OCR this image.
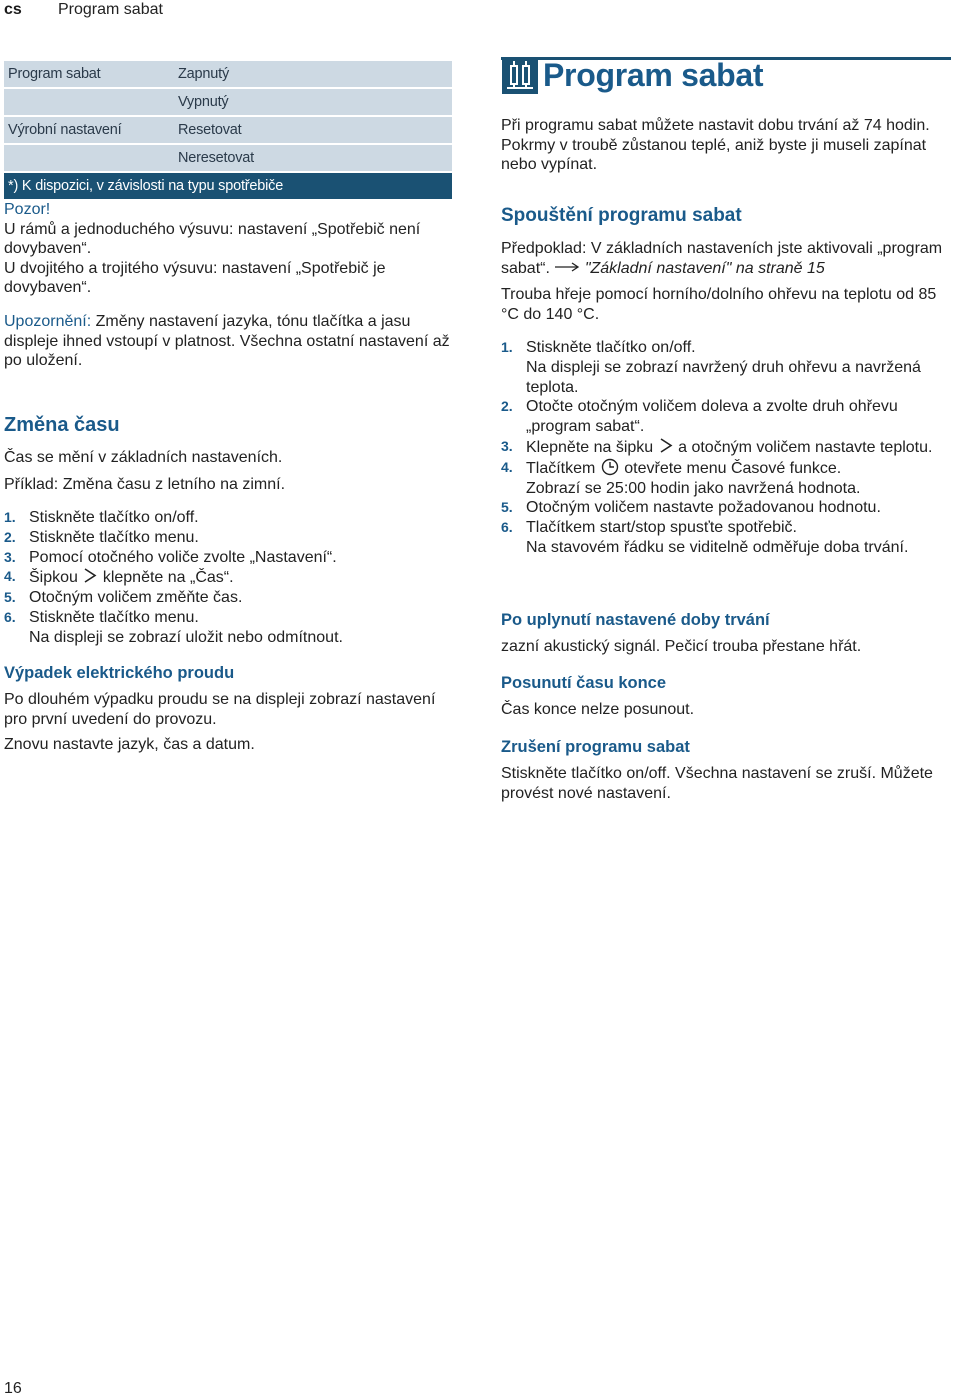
cs Program sabat
Program sabat	Zapnutý
Vypnutý
Výrobní nastavení	Resetovat
Neresetovat
*) K dispozici, v závislosti na typu spotřebiče

Pozor!

U rámů a jednoduchého výsuvu: nastavení „Spotřebič není dovybaven“.

U dvojitého a trojitého výsuvu: nastavení „Spotřebič je dovybaven“.

Upozornění: Změny nastavení jazyka, tónu tlačítka a jasu displeje ihned vstoupí v platnost. Všechna ostatní nastavení až po uložení.

Změna času
Čas se mění v základních nastaveních.
Příklad: Změna času z letního na zimní.
1. Stiskněte tlačítko on/off.
2. Stiskněte tlačítko menu.
3. Pomocí otočného voliče zvolte „Nastavení“.
4. Šipkou  klepněte na „Čas“.
5. Otočným voličem změňte čas.
6. Stiskněte tlačítko menu.
Na displeji se zobrazí uložit nebo odmítnout.
Výpadek elektrického proudu
Po dlouhém výpadku proudu se na displeji zobrazí nastavení pro první uvedení do provozu.
Znovu nastavte jazyk, čas a datum.
Program sabat
Při programu sabat můžete nastavit dobu trvání až 74 hodin. Pokrmy v troubě zůstanou teplé, aniž byste ji museli zapínat nebo vypínat.
Spouštění programu sabat
Předpoklad: V základních nastaveních jste aktivovali „program sabat“. "Základní nastavení" na straně 15
Trouba hřeje pomocí horního/dolního ohřevu na teplotu od 85 °C do 140 °C.
1. Stiskněte tlačítko on/off.
Na displeji se zobrazí navržený druh ohřevu a navržená teplota.
2. Otočte otočným voličem doleva a zvolte druh ohřevu „program sabat“.
3. Klepněte na šipku  a otočným voličem nastavte teplotu.
4. Tlačítkem  otevřete menu Časové funkce.
Zobrazí se 25:00 hodin jako navržená hodnota.
5. Otočným voličem nastavte požadovanou hodnotu.
6. Tlačítkem start/stop spusťte spotřebič.
Na stavovém řádku se viditelně odměřuje doba trvání.
Po uplynutí nastavené doby trvání
zazní akustický signál. Pečicí trouba přestane hřát.
Posunutí času konce
Čas konce nelze posunout.
Zrušení programu sabat
Stiskněte tlačítko on/off. Všechna nastavení se zruší. Můžete provést nové nastavení.
16
